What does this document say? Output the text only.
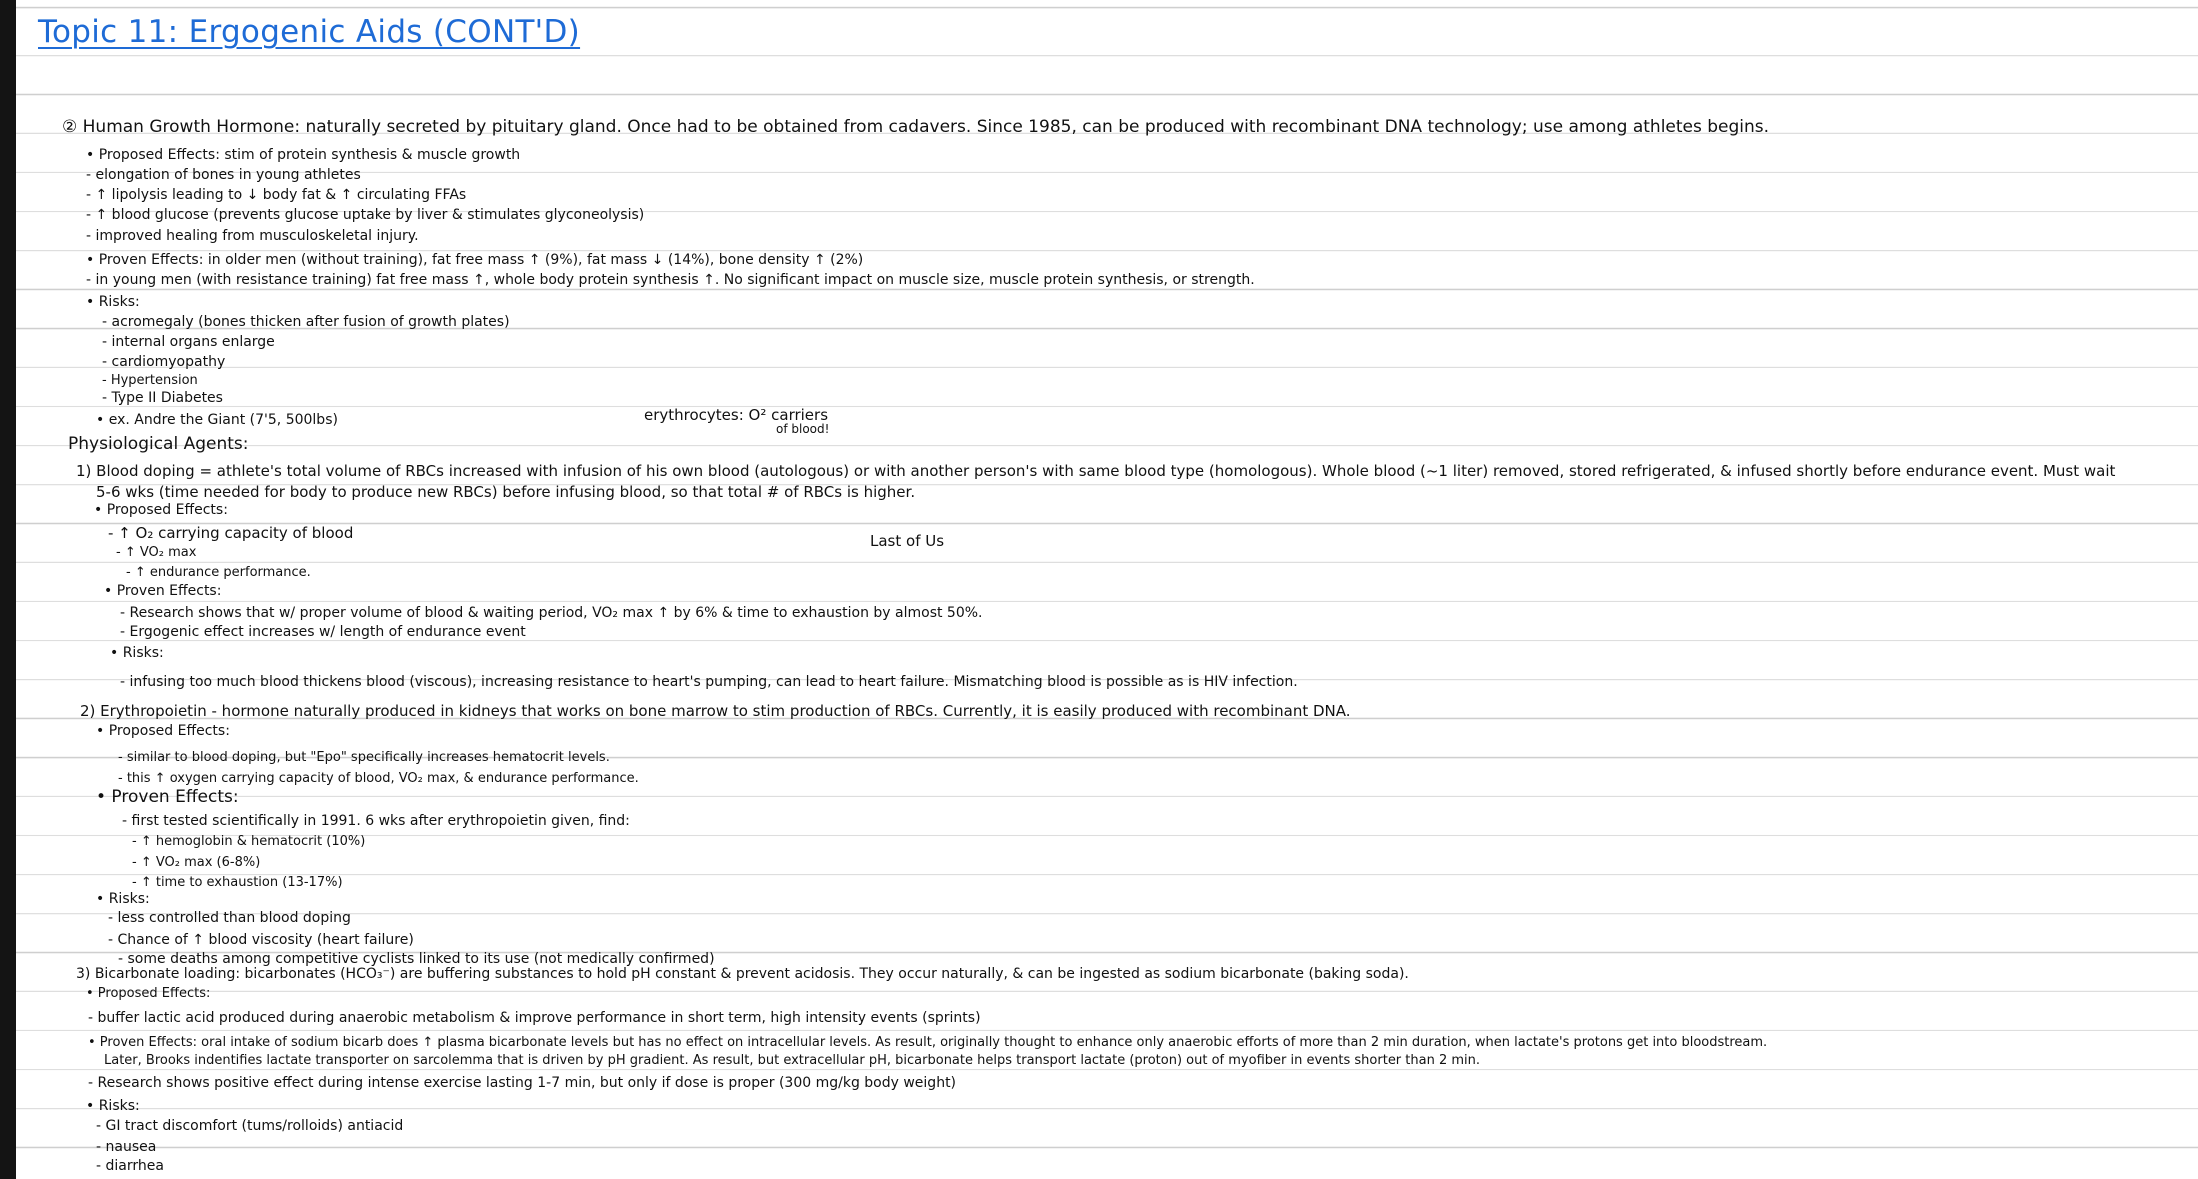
Topic 11: Ergogenic Aids (CONT'D)
② Human Growth Hormone: naturally secreted by pituitary gland. Once had to be obtained from cadavers. Since 1985, can be produced with recombinant DNA technology; use among athletes begins.
• Proposed Effects: stim of protein synthesis & muscle growth
- elongation of bones in young athletes
- ↑ lipolysis leading to ↓ body fat & ↑ circulating FFAs
- ↑ blood glucose (prevents glucose uptake by liver & stimulates glyconeolysis)
- improved healing from musculoskeletal injury.
• Proven Effects: in older men (without training), fat free mass ↑ (9%), fat mass ↓ (14%), bone density ↑ (2%)
- in young men (with resistance training) fat free mass ↑, whole body protein synthesis ↑. No significant impact on muscle size, muscle protein synthesis, or strength.
• Risks:
- acromegaly (bones thicken after fusion of growth plates)
- internal organs enlarge
- cardiomyopathy
- Hypertension
- Type II Diabetes
• ex. Andre the Giant (7'5, 500lbs)	erythrocytes: O² carriers
of blood!
Physiological Agents:
1) Blood doping = athlete's total volume of RBCs increased with infusion of his own blood (autologous) or with another person's with same blood type (homologous). Whole blood (~1 liter) removed, stored refrigerated, & infused shortly before endurance event. Must wait
5-6 wks (time needed for body to produce new RBCs) before infusing blood, so that total # of RBCs is higher.
• Proposed Effects:
- ↑ O₂ carrying capacity of blood
- ↑ VO₂ max
Last of Us
- ↑ endurance performance.
• Proven Effects:
- Research shows that w/ proper volume of blood & waiting period, VO₂ max ↑ by 6% & time to exhaustion by almost 50%.
- Ergogenic effect increases w/ length of endurance event
• Risks:
- infusing too much blood thickens blood (viscous), increasing resistance to heart's pumping, can lead to heart failure. Mismatching blood is possible as is HIV infection.
2) Erythropoietin - hormone naturally produced in kidneys that works on bone marrow to stim production of RBCs. Currently, it is easily produced with recombinant DNA.
• Proposed Effects:
- similar to blood doping, but "Epo" specifically increases hematocrit levels.
- this ↑ oxygen carrying capacity of blood, VO₂ max, & endurance performance.
• Proven Effects:
- first tested scientifically in 1991. 6 wks after erythropoietin given, find:
- ↑ hemoglobin & hematocrit (10%)
- ↑ VO₂ max (6-8%)
- ↑ time to exhaustion (13-17%)
• Risks:
- less controlled than blood doping
- Chance of ↑ blood viscosity (heart failure)
- some deaths among competitive cyclists linked to its use (not medically confirmed)
3) Bicarbonate loading: bicarbonates (HCO₃⁻) are buffering substances to hold pH constant & prevent acidosis. They occur naturally, & can be ingested as sodium bicarbonate (baking soda).
• Proposed Effects:
- buffer lactic acid produced during anaerobic metabolism & improve performance in short term, high intensity events (sprints)
• Proven Effects: oral intake of sodium bicarb does ↑ plasma bicarbonate levels but has no effect on intracellular levels. As result, originally thought to enhance only anaerobic efforts of more than 2 min duration, when lactate's protons get into bloodstream.
Later, Brooks indentifies lactate transporter on sarcolemma that is driven by pH gradient. As result, but extracellular pH, bicarbonate helps transport lactate (proton) out of myofiber in events shorter than 2 min.
- Research shows positive effect during intense exercise lasting 1-7 min, but only if dose is proper (300 mg/kg body weight)
• Risks:
- GI tract discomfort (tums/rolloids) antiacid
- nausea
- diarrhea
